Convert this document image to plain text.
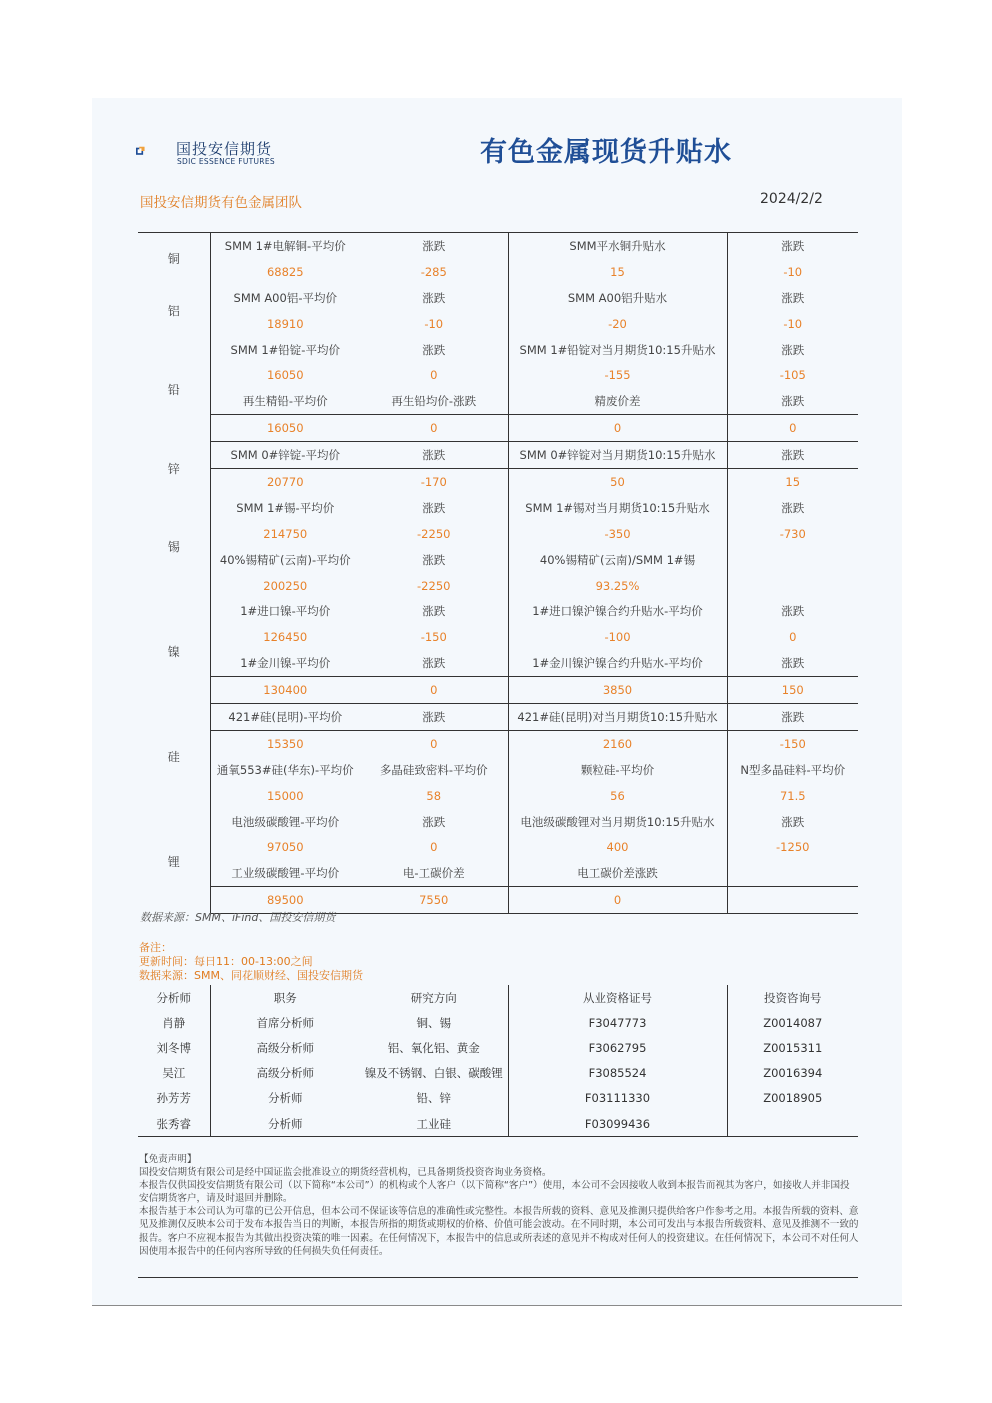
国投安信期货
SDIC ESSENCE FUTURES	有色金属现货升贴水
国投安信期货有色金属团队	2024/2/2
铜	SMM 1#电解铜-平均价	涨跌	SMM平水铜升贴水	涨跌
	68825	-285	15	-10
铝	SMM A00铝-平均价	涨跌	SMM A00铝升贴水	涨跌
	18910	-10	-20	-10
铅	SMM 1#铅锭-平均价	涨跌	SMM 1#铅锭对当月期货10:15升贴水	涨跌
	16050	0	-155	-105
	再生精铅-平均价	再生铅均价-涨跌	精废价差	涨跌
	16050	0	0	0
锌	SMM 0#锌锭-平均价	涨跌	SMM 0#锌锭对当月期货10:15升贴水	涨跌
	20770	-170	50	15
锡	SMM 1#锡-平均价	涨跌	SMM 1#锡对当月期货10:15升贴水	涨跌
	214750	-2250	-350	-730
	40%锡精矿(云南)-平均价	涨跌	40%锡精矿(云南)/SMM 1#锡	
	200250	-2250	93.25%	
镍	1#进口镍-平均价	涨跌	1#进口镍沪镍合约升贴水-平均价	涨跌
	126450	-150	-100	0
	1#金川镍-平均价	涨跌	1#金川镍沪镍合约升贴水-平均价	涨跌
	130400	0	3850	150
硅	421#硅(昆明)-平均价	涨跌	421#硅(昆明)对当月期货10:15升贴水	涨跌
	15350	0	2160	-150
	通氧553#硅(华东)-平均价	多晶硅致密料-平均价	颗粒硅-平均价	N型多晶硅料-平均价
	15000	58	56	71.5
锂	电池级碳酸锂-平均价	涨跌	电池级碳酸锂对当月期货10:15升贴水	涨跌
	97050	0	400	-1250
	工业级碳酸锂-平均价	电-工碳价差	电工碳价差涨跌	
	89500	7550	0	
数据来源：SMM、iFind、国投安信期货
备注：
更新时间：每日11：00-13:00之间
数据来源：SMM、同花顺财经、国投安信期货
分析师	职务	研究方向	从业资格证号	投资咨询号
肖静	首席分析师	铜、锡	F3047773	Z0014087
刘冬博	高级分析师	铝、氧化铝、黄金	F3062795	Z0015311
吴江	高级分析师	镍及不锈钢、白银、碳酸锂	F3085524	Z0016394
孙芳芳	分析师	铅、锌	F03111330	Z0018905
张秀睿	分析师	工业硅	F03099436	

【免责声明】

国投安信期货有限公司是经中国证监会批准设立的期货经营机构，已具备期货投资咨询业务资格。

本报告仅供国投安信期货有限公司（以下简称“本公司”）的机构或个人客户（以下简称“客户”）使用，本公司不会因接收人收到本报告而视其为客户，如接收人并非国投安信期货客户，请及时退回并删除。

本报告基于本公司认为可靠的已公开信息，但本公司不保证该等信息的准确性或完整性。本报告所载的资料、意见及推测只提供给客户作参考之用。本报告所载的资料、意见及推测仅反映本公司于发布本报告当日的判断，本报告所指的期货或期权的价格、价值可能会波动。在不同时期，本公司可发出与本报告所载资料、意见及推测不一致的报告。客户不应视本报告为其做出投资决策的唯一因素。在任何情况下，本报告中的信息或所表述的意见并不构成对任何人的投资建议。在任何情况下，本公司不对任何人因使用本报告中的任何内容所导致的任何损失负任何责任。
